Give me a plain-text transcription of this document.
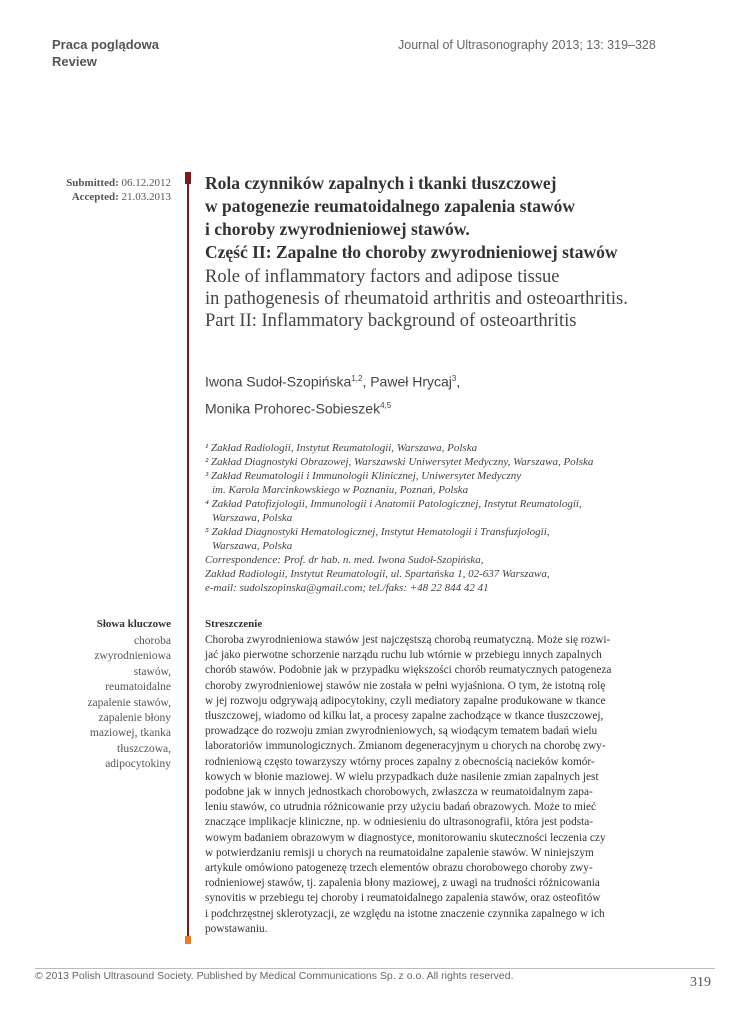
Praca poglądowa
Review
Journal of Ultrasonography 2013; 13: 319–328
Submitted: 06.12.2012
Accepted: 21.03.2013
Rola czynników zapalnych i tkanki tłuszczowej
w patogenezie reumatoidalnego zapalenia stawów
i choroby zwyrodnieniowej stawów.
Część II: Zapalne tło choroby zwyrodnieniowej stawów
Role of inflammatory factors and adipose tissue
in pathogenesis of rheumatoid arthritis and osteoarthritis.
Part II: Inflammatory background of osteoarthritis
Iwona Sudoł-Szopińska$^{1,2}$, Paweł Hrycaj$^3$,
Monika Prohorec-Sobieszek$^{4,5}$
¹ Zakład Radiologii, Instytut Reumatologii, Warszawa, Polska
² Zakład Diagnostyki Obrazowej, Warszawski Uniwersytet Medyczny, Warszawa, Polska
³ Zakład Reumatologii i Immunologii Klinicznej, Uniwersytet Medyczny
im. Karola Marcinkowskiego w Poznaniu, Poznań, Polska
⁴ Zakład Patofizjologii, Immunologii i Anatomii Patologicznej, Instytut Reumatologii,
Warszawa, Polska
⁵ Zakład Diagnostyki Hematologicznej, Instytut Hematologii i Transfuzjologii,
Warszawa, Polska
Correspondence: Prof. dr hab. n. med. Iwona Sudoł-Szopińska,
Zakład Radiologii, Instytut Reumatologii, ul. Spartańska 1, 02-637 Warszawa,
e-mail: sudolszopinska@gmail.com; tel./faks: +48 22 844 42 41
Słowa kluczowe
choroba
zwyrodnieniowa
stawów,
reumatoidalne
zapalenie stawów,
zapalenie błony
maziowej, tkanka
tłuszczowa,
adipocytokiny
Streszczenie
Choroba zwyrodnieniowa stawów jest najczęstszą chorobą reumatyczną. Może się rozwi-
jać jako pierwotne schorzenie narządu ruchu lub wtórnie w przebiegu innych zapalnych
chorób stawów. Podobnie jak w przypadku większości chorób reumatycznych patogeneza
choroby zwyrodnieniowej stawów nie została w pełni wyjaśniona. O tym, że istotną rolę
w jej rozwoju odgrywają adipocytokiny, czyli mediatory zapalne produkowane w tkance
tłuszczowej, wiadomo od kilku lat, a procesy zapalne zachodzące w tkance tłuszczowej,
prowadzące do rozwoju zmian zwyrodnieniowych, są wiodącym tematem badań wielu
laboratoriów immunologicznych. Zmianom degeneracyjnym u chorych na chorobę zwy-
rodnieniową często towarzyszy wtórny proces zapalny z obecnością nacieków komór-
kowych w błonie maziowej. W wielu przypadkach duże nasilenie zmian zapalnych jest
podobne jak w innych jednostkach chorobowych, zwłaszcza w reumatoidalnym zapa-
leniu stawów, co utrudnia różnicowanie przy użyciu badań obrazowych. Może to mieć
znaczące implikacje kliniczne, np. w odniesieniu do ultrasonografii, która jest podsta-
wowym badaniem obrazowym w diagnostyce, monitorowaniu skuteczności leczenia czy
w potwierdzaniu remisji u chorych na reumatoidalne zapalenie stawów. W niniejszym
artykule omówiono patogenezę trzech elementów obrazu chorobowego choroby zwy-
rodnieniowej stawów, tj. zapalenia błony maziowej, z uwagi na trudności różnicowania
synovitis w przebiegu tej choroby i reumatoidalnego zapalenia stawów, oraz osteofitów
i podchrzęstnej sklerotyzacji, ze względu na istotne znaczenie czynnika zapalnego w ich
powstawaniu.
© 2013 Polish Ultrasound Society. Published by Medical Communications Sp. z o.o. All rights reserved.	319
